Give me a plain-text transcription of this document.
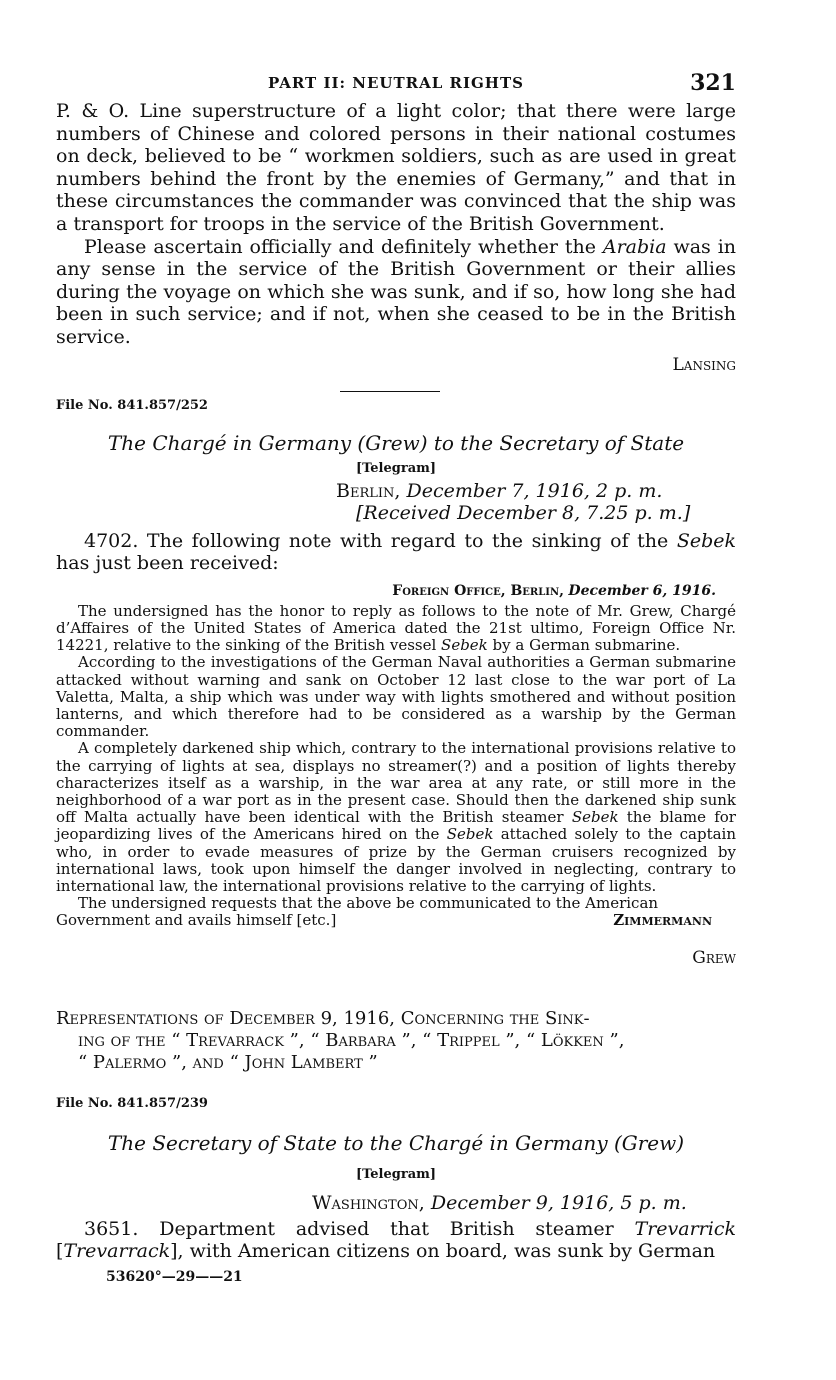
PART II: NEUTRAL RIGHTS	321

P. & O. Line superstructure of a light color; that there were large numbers of Chinese and colored persons in their national costumes on deck, believed to be “ workmen soldiers, such as are used in great numbers behind the front by the enemies of Germany,” and that in these circumstances the commander was convinced that the ship was a transport for troops in the service of the British Government.

Please ascertain officially and definitely whether the Arabia was in any sense in the service of the British Government or their allies during the voyage on which she was sunk, and if so, how long she had been in such service; and if not, when she ceased to be in the British service.

Lansing
File No. 841.857/252
The Chargé in Germany (Grew) to the Secretary of State
[Telegram]
Berlin, December 7, 1916, 2 p. m.
[Received December 8, 7.25 p. m.]
4702. The following note with regard to the sinking of the Sebek has just been received:
Foreign Office, Berlin, December 6, 1916.

The undersigned has the honor to reply as follows to the note of Mr. Grew, Chargé d’Affaires of the United States of America dated the 21st ultimo, Foreign Office Nr. 14221, relative to the sinking of the British vessel Sebek by a German submarine.

According to the investigations of the German Naval authorities a German submarine attacked without warning and sank on October 12 last close to the war port of La Valetta, Malta, a ship which was under way with lights smothered and without position lanterns, and which therefore had to be considered as a warship by the German commander.

A completely darkened ship which, contrary to the international provisions relative to the carrying of lights at sea, displays no streamer(?) and a position of lights thereby characterizes itself as a warship, in the war area at any rate, or still more in the neighborhood of a war port as in the present case. Should then the darkened ship sunk off Malta actually have been identical with the British steamer Sebek the blame for jeopardizing lives of the Americans hired on the Sebek attached solely to the captain who, in order to evade measures of prize by the German cruisers recognized by international laws, took upon himself the danger involved in neglecting, contrary to international law, the international provisions relative to the carrying of lights.

The undersigned requests that the above be communicated to the American

Government and avails himself [etc.]	Zimmermann
Grew
Representations of December 9, 1916, Concerning the Sink-
ing of the “ Trevarrack ”, “ Barbara ”, “ Trippel ”, “ Lökken ”,
“ Palermo ”, and “ John Lambert ”
File No. 841.857/239
The Secretary of State to the Chargé in Germany (Grew)
[Telegram]
Washington, December 9, 1916, 5 p. m.
3651. Department advised that British steamer Trevarrick [Trevarrack], with American citizens on board, was sunk by German
53620°—29——21
